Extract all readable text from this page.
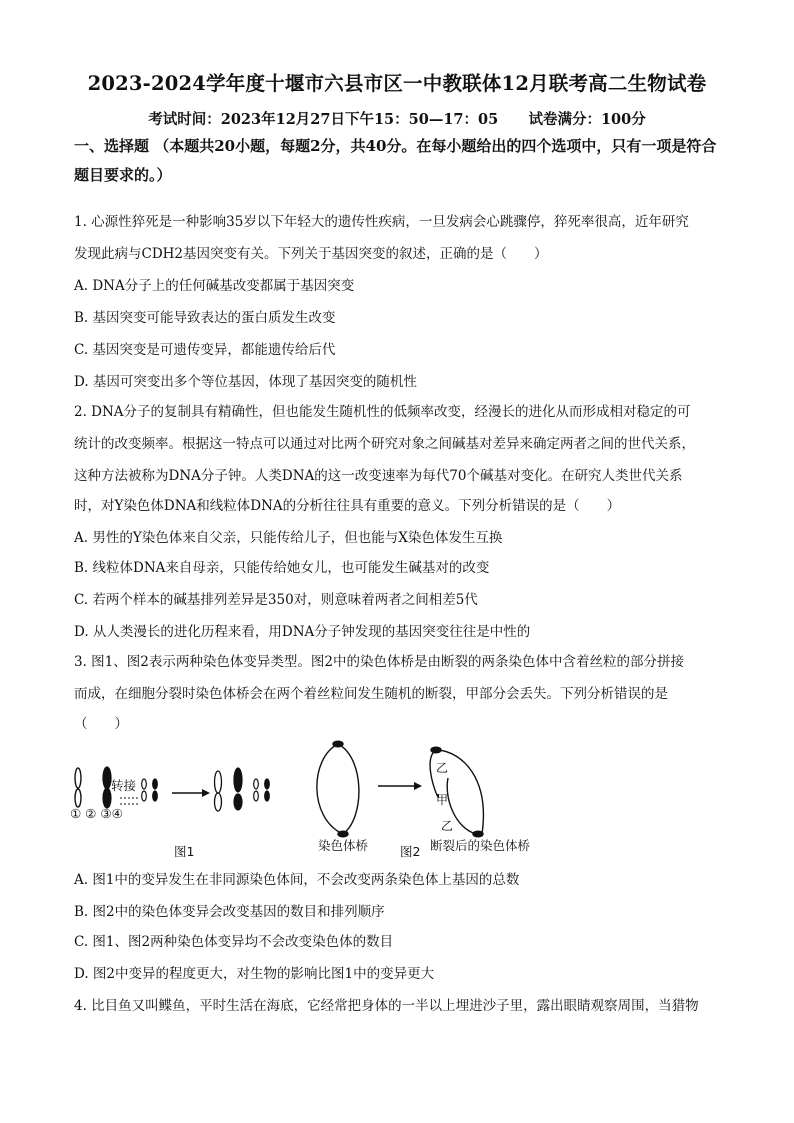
2023-2024学年度十堰市六县市区一中教联体12月联考高二生物试卷
考试时间：2023年12月27日下午15：50—17：05      试卷满分：100分
一、选择题 （本题共20小题，每题2分，共40分。在每小题给出的四个选项中，只有一项是符合题目要求的。）
1. 心源性猝死是一种影响35岁以下年轻大的遗传性疾病，一旦发病会心跳骤停，猝死率很高，近年研究
发现此病与CDH2基因突变有关。下列关于基因突变的叙述，正确的是（　　）
A. DNA分子上的任何碱基改变都属于基因突变
B. 基因突变可能导致表达的蛋白质发生改变
C. 基因突变是可遗传变异，都能遗传给后代
D. 基因可突变出多个等位基因，体现了基因突变的随机性
2. DNA分子的复制具有精确性，但也能发生随机性的低频率改变，经漫长的进化从而形成相对稳定的可
统计的改变频率。根据这一特点可以通过对比两个研究对象之间碱基对差异来确定两者之间的世代关系，
这种方法被称为DNA分子钟。人类DNA的这一改变速率为每代70个碱基对变化。在研究人类世代关系
时，对Y染色体DNA和线粒体DNA的分析往往具有重要的意义。下列分析错误的是（　　）
A. 男性的Y染色体来自父亲，只能传给儿子，但也能与X染色体发生互换
B. 线粒体DNA来自母亲，只能传给她女儿，也可能发生碱基对的改变
C. 若两个样本的碱基排列差异是350对，则意味着两者之间相差5代
D. 从人类漫长的进化历程来看，用DNA分子钟发现的基因突变往往是中性的
3. 图1、图2表示两种染色体变异类型。图2中的染色体桥是由断裂的两条染色体中含着丝粒的部分拼接
而成，在细胞分裂时染色体桥会在两个着丝粒间发生随机的断裂，甲部分会丢失。下列分析错误的是
（　　）
转接
① ② ③④
图1	染色体桥
乙
甲
乙
图2 断裂后的染色体桥
A. 图1中的变异发生在非同源染色体间，不会改变两条染色体上基因的总数
B. 图2中的染色体变异会改变基因的数目和排列顺序
C. 图1、图2两种染色体变异均不会改变染色体的数目
D. 图2中变异的程度更大，对生物的影响比图1中的变异更大
4. 比目鱼又叫鲽鱼，平时生活在海底，它经常把身体的一半以上埋进沙子里，露出眼睛观察周围，当猎物
